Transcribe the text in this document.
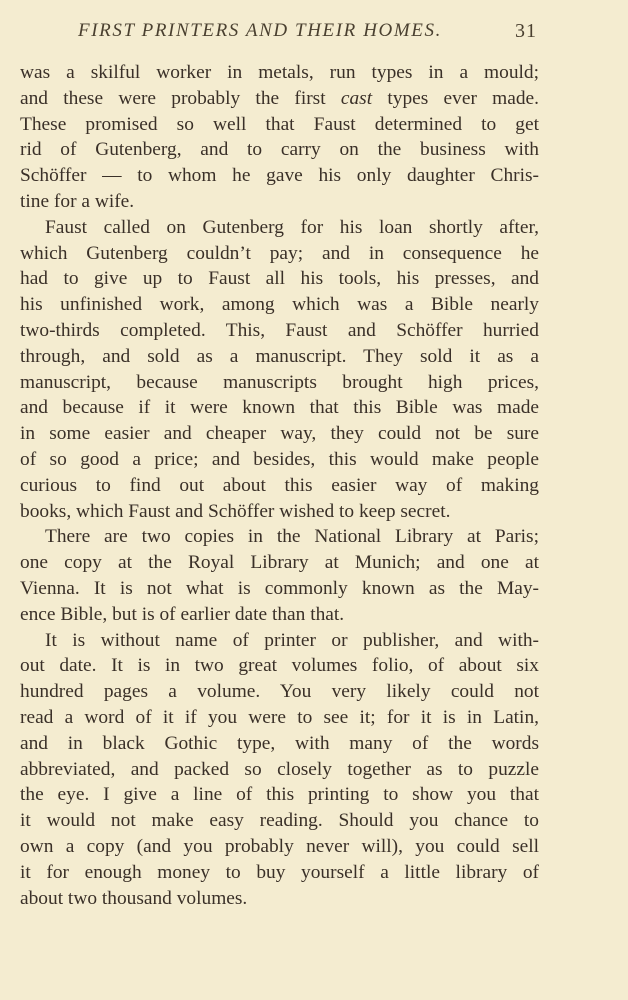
FIRST PRINTERS AND THEIR HOMES.	31
was a skilful worker in metals, run types in a mould;
and these were probably the first cast types ever made.
These promised so well that Faust determined to get
rid of Gutenberg, and to carry on the business with
Schöffer — to whom he gave his only daughter Chris-
tine for a wife.
Faust called on Gutenberg for his loan shortly after,
which Gutenberg couldn’t pay; and in consequence he
had to give up to Faust all his tools, his presses, and
his unfinished work, among which was a Bible nearly
two-thirds completed. This, Faust and Schöffer hurried
through, and sold as a manuscript. They sold it as a
manuscript, because manuscripts brought high prices,
and because if it were known that this Bible was made
in some easier and cheaper way, they could not be sure
of so good a price; and besides, this would make people
curious to find out about this easier way of making
books, which Faust and Schöffer wished to keep secret.
There are two copies in the National Library at Paris;
one copy at the Royal Library at Munich; and one at
Vienna. It is not what is commonly known as the May-
ence Bible, but is of earlier date than that.
It is without name of printer or publisher, and with-
out date. It is in two great volumes folio, of about six
hundred pages a volume. You very likely could not
read a word of it if you were to see it; for it is in Latin,
and in black Gothic type, with many of the words
abbreviated, and packed so closely together as to puzzle
the eye. I give a line of this printing to show you that
it would not make easy reading. Should you chance to
own a copy (and you probably never will), you could sell
it for enough money to buy yourself a little library of
about two thousand volumes.
